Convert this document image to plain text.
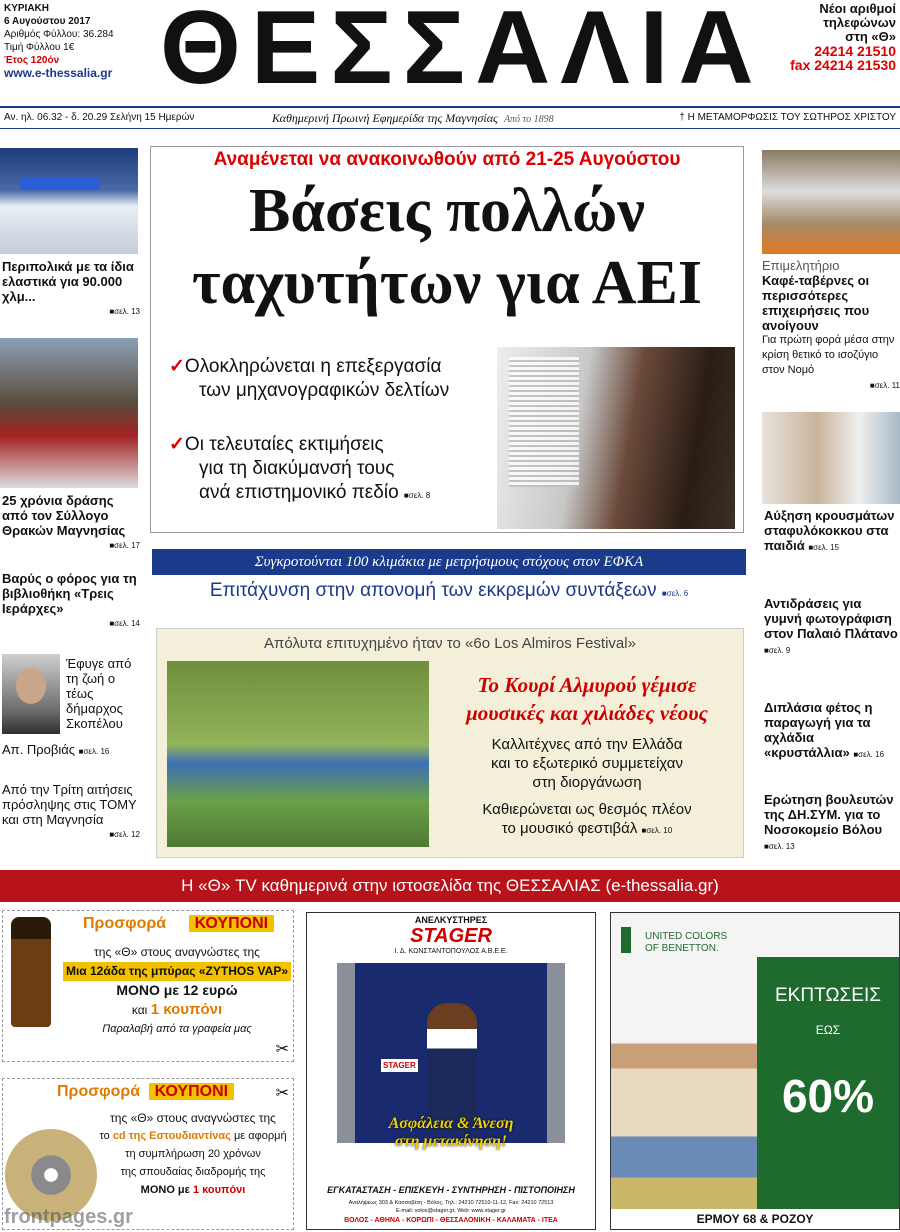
ΚΥΡΙΑΚΗ
6 Αυγούστου 2017
Αριθμός Φύλλου: 36.284
Τιμή Φύλλου 1€
Έτος 120όν
www.e-thessalia.gr ΘΕΣΣΑΛΙΑ	Νέοι αριθμοί
τηλεφώνων
στη «Θ»
24214 21510
fax 24214 21530
Αν. ηλ. 06.32 - δ. 20.29 Σελήνη 15 Ημερών	Καθημερινή Πρωινή Εφημερίδα της Μαγνησίας Από το 1898	† Η ΜΕΤΑΜΟΡΦΩΣΙΣ ΤΟΥ ΣΩΤΗΡΟΣ ΧΡΙΣΤΟΥ
Περιπολικά με τα ίδια ελαστικά για 90.000 χλμ...
■σελ. 13
25 χρόνια δράσης από τον Σύλλογο Θρακών Μαγνησίας
■σελ. 17
Βαρύς ο φόρος για τη βιβλιοθήκη «Τρεις Ιεράρχες»
■σελ. 14
Έφυγε από τη ζωή ο τέως δήμαρχος Σκοπέλου
Απ. Προβιάς ■σελ. 16
Από την Τρίτη αιτήσεις πρόσληψης στις ΤΟΜΥ και στη Μαγνησία
■σελ. 12
Αναμένεται να ανακοινωθούν από 21-25 Αυγούστου
Βάσεις πολλών
ταχυτήτων για ΑΕΙ
✓Ολοκληρώνεται η επεξεργασία
των μηχανογραφικών δελτίων
✓Οι τελευταίες εκτιμήσεις
για τη διακύμανσή τους
ανά επιστημονικό πεδίο ■σελ. 8
Συγκροτούνται 100 κλιμάκια με μετρήσιμους στόχους στον ΕΦΚΑ
Επιτάχυνση στην απονομή των εκκρεμών συντάξεων ■σελ. 6
Απόλυτα επιτυχημένο ήταν το «6ο Los Almiros Festival»
Το Κουρί Αλμυρού γέμισε
μουσικές και χιλιάδες νέους
Καλλιτέχνες από την Ελλάδα
και το εξωτερικό συμμετείχαν
στη διοργάνωση
Καθιερώνεται ως θεσμός πλέον
το μουσικό φεστιβάλ ■σελ. 10
Επιμελητήριο
Καφέ-ταβέρνες οι περισσότερες επιχειρήσεις που ανοίγουν
Για πρώτη φορά μέσα στην κρίση θετικό το ισοζύγιο στον Νομό
■σελ. 11
Αύξηση κρουσμάτων σταφυλόκοκκου στα παιδιά ■σελ. 15
Αντιδράσεις για γυμνή φωτογράφιση στον Παλαιό Πλάτανο ■σελ. 9
Διπλάσια φέτος η παραγωγή για τα αχλάδια «κρυστάλλια» ■σελ. 16
Ερώτηση βουλευτών της ΔΗ.ΣΥΜ. για το Νοσοκομείο Βόλου ■σελ. 13
Η «Θ» TV καθημερινά στην ιστοσελίδα της ΘΕΣΣΑΛΙΑΣ (e-thessalia.gr)
Προσφορά ΚΟΥΠΟΝΙ
της «Θ» στους αναγνώστες της
Μια 12άδα της μπύρας «ZYTHOS VAP»
ΜΟΝΟ με 12 ευρώ
και 1 κουπόνι
Παραλαβή από τα γραφεία μας
✂
Προσφορά ΚΟΥΠΟΝΙ
της «Θ» στους αναγνώστες της
το cd της Εστουδιαντίνας με αφορμή
τη συμπλήρωση 20 χρόνων
της σπουδαίας διαδρομής της
ΜΟΝΟ με 1 κουπόνι
✂
frontpages.gr
ΑΝΕΛΚΥΣΤΗΡΕΣ
STAGER
Ι. Δ. ΚΩΝΣΤΑΝΤΟΠΟΥΛΟΣ Α.Β.Ε.Ε.
STAGER
Ασφάλεια & Άνεση
στη μετακίνηση!
ΕΓΚΑΤΑΣΤΑΣΗ - ΕΠΙΣΚΕΥΗ - ΣΥΝΤΗΡΗΣΗ - ΠΙΣΤΟΠΟΙΗΣΗ
Αναλήψεως 303 & Κασσαβέτη - Βόλος, Τηλ.: 24210 72510-11-12, Fax: 24210 72513
E-mail: volos@stager.gr, Web: www.stager.gr
ΒΟΛΟΣ - ΑΘΗΝΑ - ΚΟΡΩΠΙ - ΘΕΣΣΑΛΟΝΙΚΗ - ΚΑΛΑΜΑΤΑ - ΙΤΕΑ
UNITED COLORS
OF BENETTON.
ΕΚΠΤΩΣΕΙΣ
ΕΩΣ
60%
ΕΡΜΟΥ 68 & ΡΟΖΟΥ
